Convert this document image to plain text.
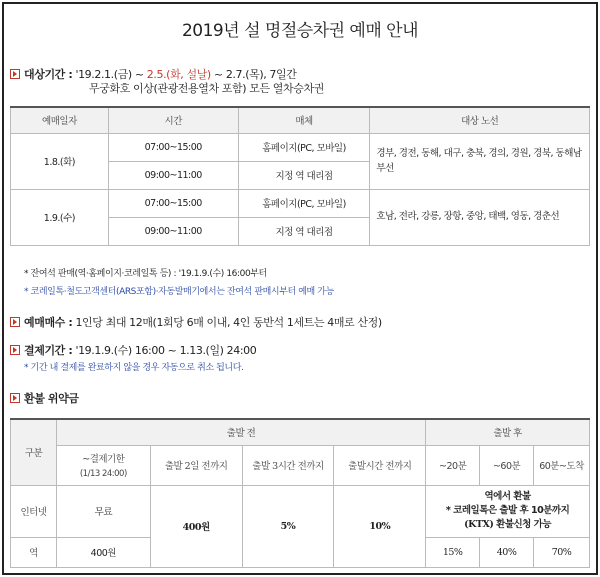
2019년 설 명절승차권 예매 안내
대상기간 : '19.2.1.(금) ~ 2.5.(화, 설날) ~ 2.7.(목), 7일간
무궁화호 이상(관광전용열차 포함) 모든 열차승차권
예매일자	시간	매체	대상 노선
1.8.(화)	07:00~15:00	홈페이지(PC, 모바일)	경부, 경전, 동해, 대구, 충북, 경의, 경원, 경북, 동해남부선
	09:00~11:00	지정 역 대리점	
1.9.(수)	07:00~15:00	홈페이지(PC, 모바일)	호남, 전라, 강릉, 장항, 중앙, 태백, 영동, 경춘선
	09:00~11:00	지정 역 대리점	
* 잔여석 판매(역·홈페이지·코레일톡 등) : '19.1.9.(수) 16:00부터
* 코레일톡·철도고객센터(ARS포함)·자동발매기에서는 잔여석 판매시부터 예매 가능
예매매수 : 1인당 최대 12매(1회당 6매 이내, 4인 동반석 1세트는 4매로 산정)
결제기간 : '19.1.9.(수) 16:00 ~ 1.13.(일) 24:00
* 기간 내 결제를 완료하지 않을 경우 자동으로 취소 됩니다.
환불 위약금
구분	출발 전				출발 후		

	~결제기한
(1/13 24:00)	출발 2일 전까지	출발 3시간 전까지	출발시간 전까지	~20분	~60분	60분~도착
인터넷	무료	400원	5%	10%	역에서 환불
* 코레일톡은 출발 후 10분까지
(KTX) 환불신청 가능		

역	400원				15%	40%	70%
